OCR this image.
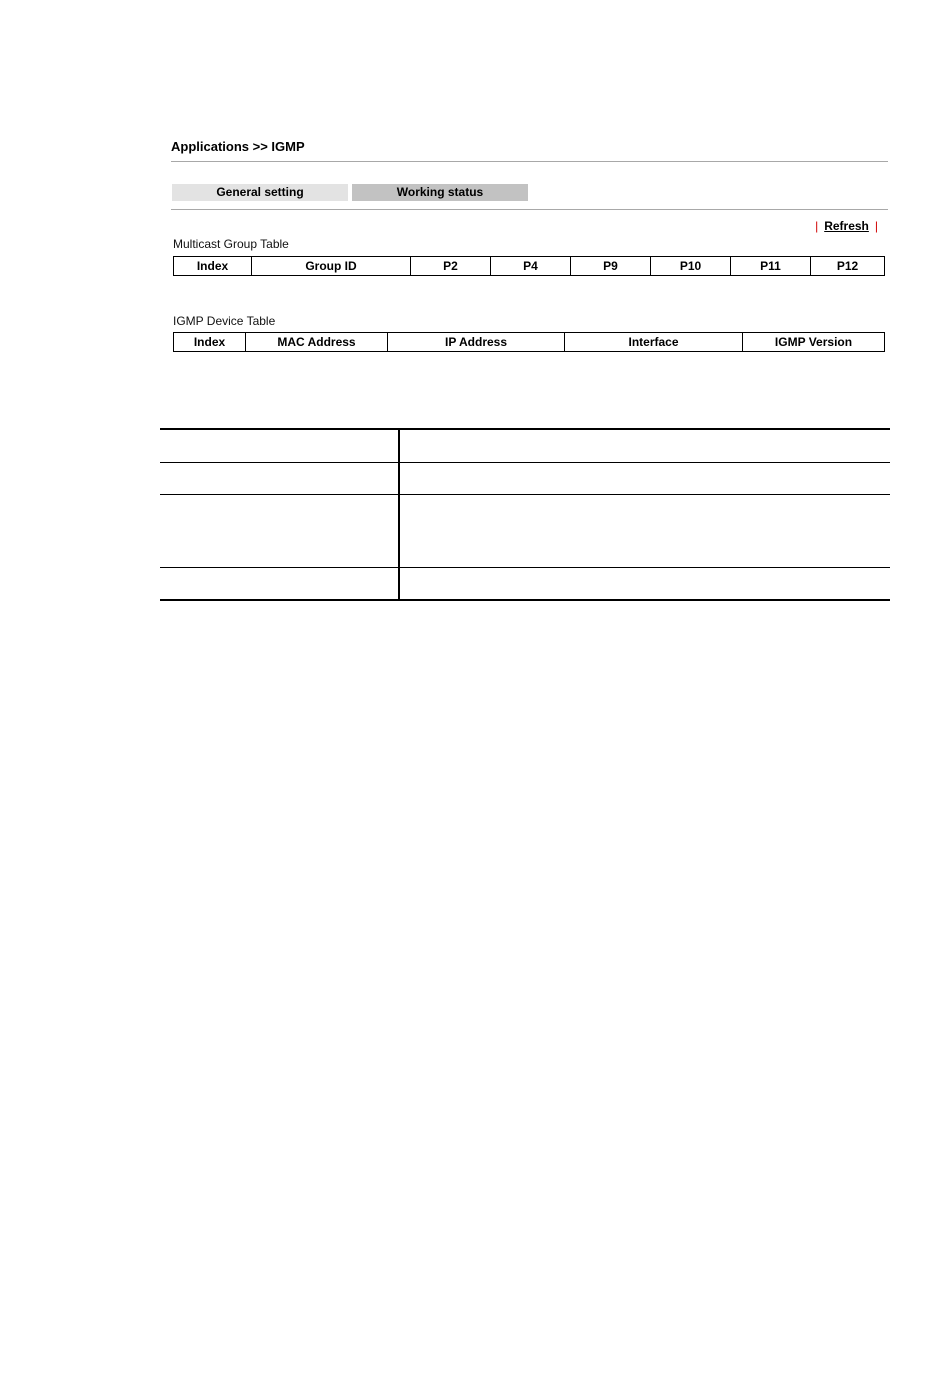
Applications >> IGMP
General setting	Working status
| Refresh |
Multicast Group Table
Index	Group ID	P2	P4	P9	P10	P11	P12
IGMP Device Table
Index	MAC Address	IP Address	Interface	IGMP Version
